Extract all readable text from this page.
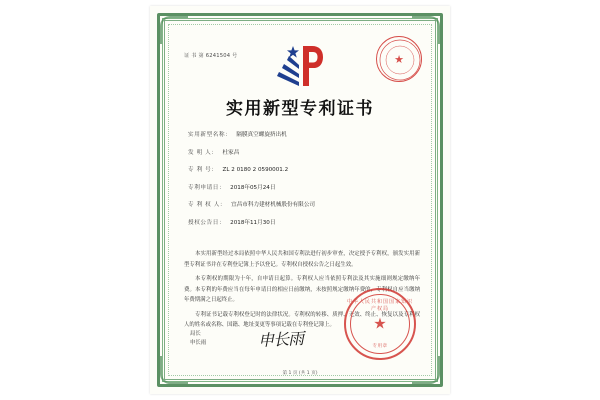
证 书 第 6241504 号	★
实用新型专利证书
实用新型名称： 隔膜真空螺旋挤出机
发 明 人： 杜家昌
专 利 号： ZL 2 0180 2 0590001.2
专利申请日： 2018年05月24日
专 利 权 人： 宜昌市科力建材机械股份有限公司
授权公告日： 2018年11月30日

本实用新型经过本局依照中华人民共和国专利法进行初步审查，决定授予专利权，颁发实用新型专利证书并在专利登记簿上予以登记。专利权自授权公告之日起生效。

本专利权的期限为十年，自申请日起算。专利权人应当依照专利法及其实施细则规定缴纳年费。本专利的年费应当在每年申请日的相应日前缴纳，未按照规定缴纳年费的，专利权自应当缴纳年费期满之日起终止。

专利证书记载专利权登记时的法律状况。专利权的转移、质押、无效、终止、恢复以及专利权人的姓名或名称、国籍、地址变更等事项记载在专利登记簿上。

局长
申长雨	申长雨
中华人民共和国国家知识产权局
★
专用章
第 1 页 (共 1 页)
